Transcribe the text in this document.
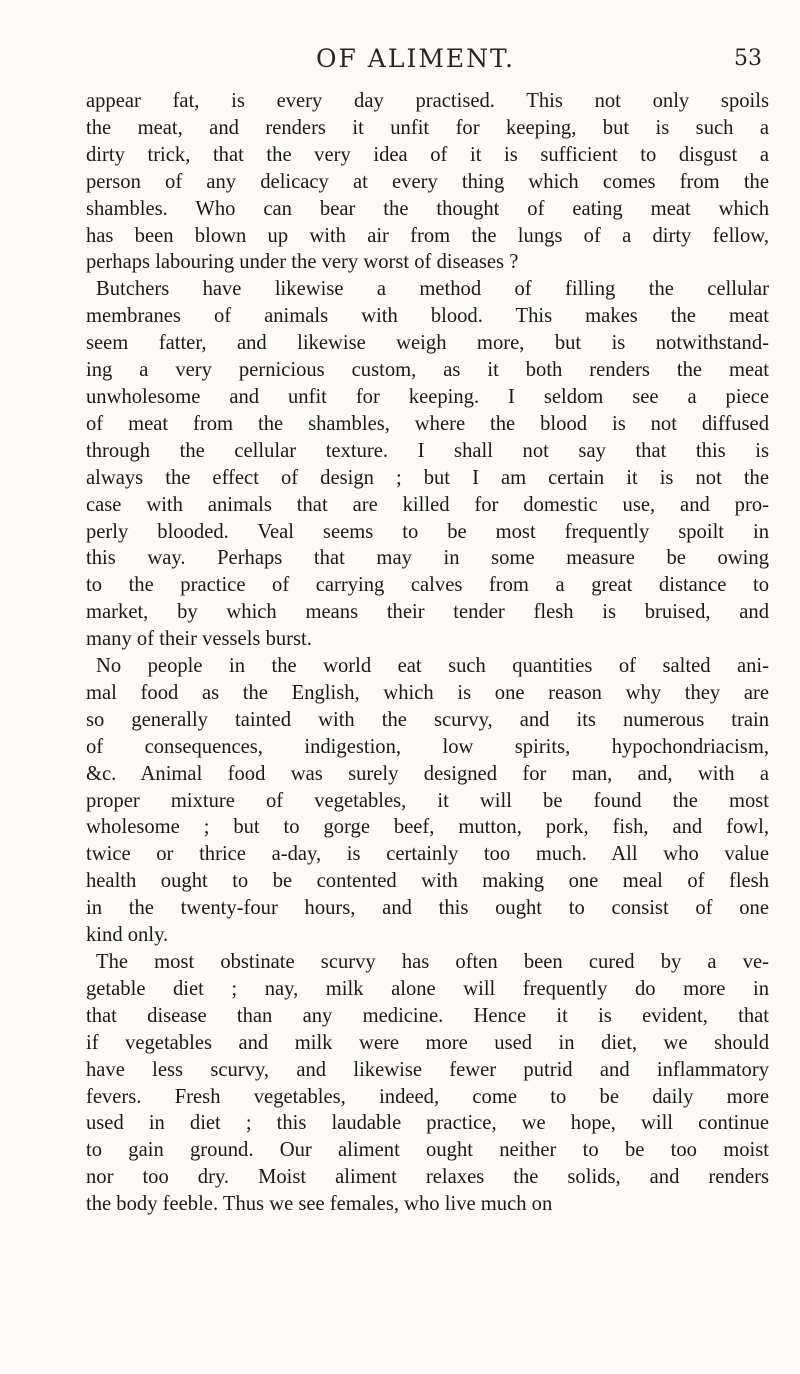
OF ALIMENT.	53
appear fat, is every day practised. This not only spoils
the meat, and renders it unfit for keeping, but is such a
dirty trick, that the very idea of it is sufficient to disgust a
person of any delicacy at every thing which comes from the
shambles. Who can bear the thought of eating meat which
has been blown up with air from the lungs of a dirty fellow,
perhaps labouring under the very worst of diseases ?
Butchers have likewise a method of filling the cellular
membranes of animals with blood. This makes the meat
seem fatter, and likewise weigh more, but is notwithstand-
ing a very pernicious custom, as it both renders the meat
unwholesome and unfit for keeping. I seldom see a piece
of meat from the shambles, where the blood is not diffused
through the cellular texture. I shall not say that this is
always the effect of design ; but I am certain it is not the
case with animals that are killed for domestic use, and pro-
perly blooded. Veal seems to be most frequently spoilt in
this way. Perhaps that may in some measure be owing
to the practice of carrying calves from a great distance to
market, by which means their tender flesh is bruised, and
many of their vessels burst.
No people in the world eat such quantities of salted ani-
mal food as the English, which is one reason why they are
so generally tainted with the scurvy, and its numerous train
of consequences, indigestion, low spirits, hypochondriacism,
&c. Animal food was surely designed for man, and, with a
proper mixture of vegetables, it will be found the most
wholesome ; but to gorge beef, mutton, pork, fish, and fowl,
twice or thrice a-day, is certainly too much. All who value
health ought to be contented with making one meal of flesh
in the twenty-four hours, and this ought to consist of one
kind only.
The most obstinate scurvy has often been cured by a ve-
getable diet ; nay, milk alone will frequently do more in
that disease than any medicine. Hence it is evident, that
if vegetables and milk were more used in diet, we should
have less scurvy, and likewise fewer putrid and inflammatory
fevers. Fresh vegetables, indeed, come to be daily more
used in diet ; this laudable practice, we hope, will continue
to gain ground. Our aliment ought neither to be too moist
nor too dry. Moist aliment relaxes the solids, and renders
the body feeble. Thus we see females, who live much on
